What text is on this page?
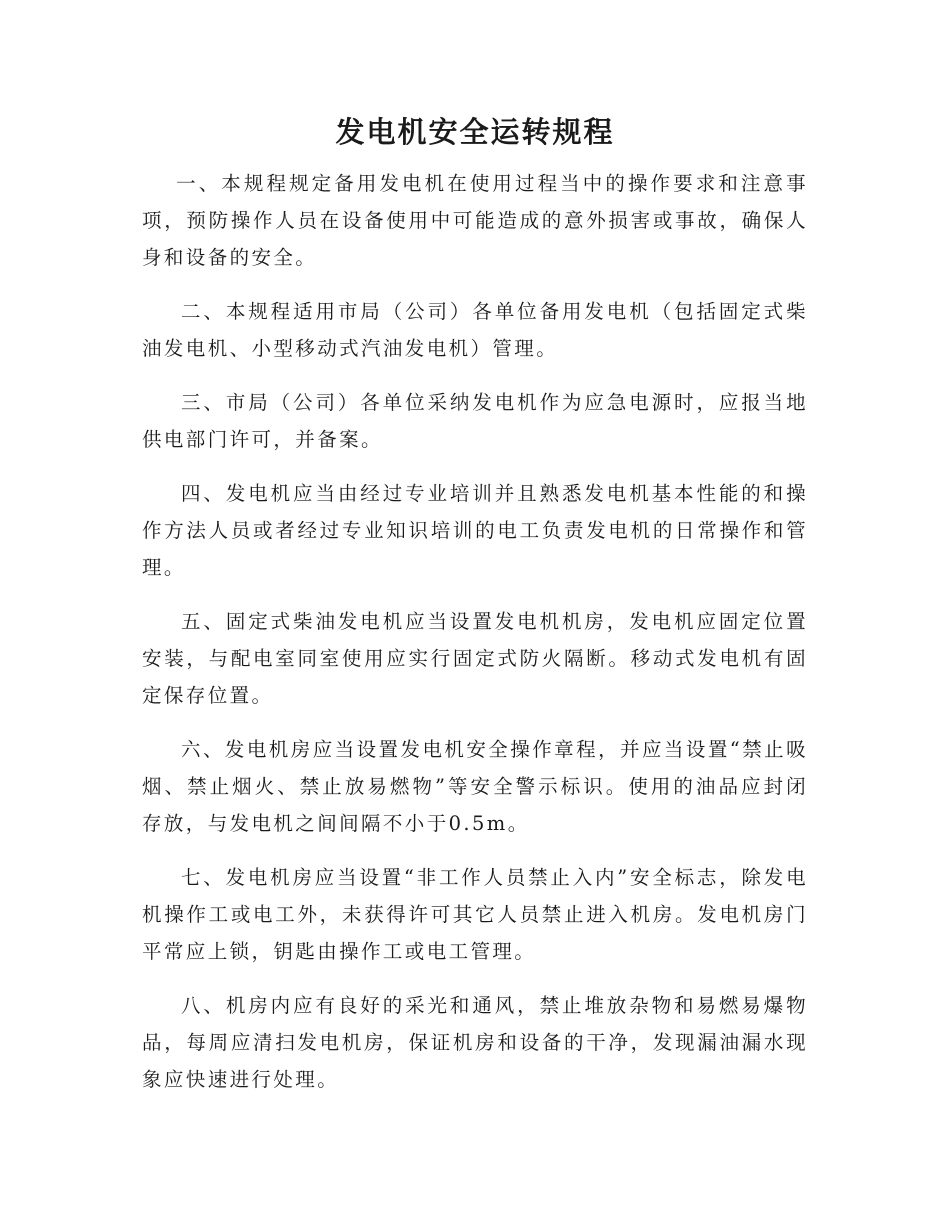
发电机安全运转规程

一、本规程规定备用发电机在使用过程当中的操作要求和注意事项，预防操作人员在设备使用中可能造成的意外损害或事故，确保人身和设备的安全。

二、本规程适用市局（公司）各单位备用发电机（包括固定式柴油发电机、小型移动式汽油发电机）管理。

三、市局（公司）各单位采纳发电机作为应急电源时，应报当地供电部门许可，并备案。

四、发电机应当由经过专业培训并且熟悉发电机基本性能的和操作方法人员或者经过专业知识培训的电工负责发电机的日常操作和管理。

五、固定式柴油发电机应当设置发电机机房，发电机应固定位置安装，与配电室同室使用应实行固定式防火隔断。移动式发电机有固定保存位置。

六、发电机房应当设置发电机安全操作章程，并应当设置“禁止吸烟、禁止烟火、禁止放易燃物”等安全警示标识。使用的油品应封闭存放，与发电机之间间隔不小于0.5m。

七、发电机房应当设置“非工作人员禁止入内”安全标志，除发电机操作工或电工外，未获得许可其它人员禁止进入机房。发电机房门平常应上锁，钥匙由操作工或电工管理。

八、机房内应有良好的采光和通风，禁止堆放杂物和易燃易爆物品，每周应清扫发电机房，保证机房和设备的干净，发现漏油漏水现象应快速进行处理。
